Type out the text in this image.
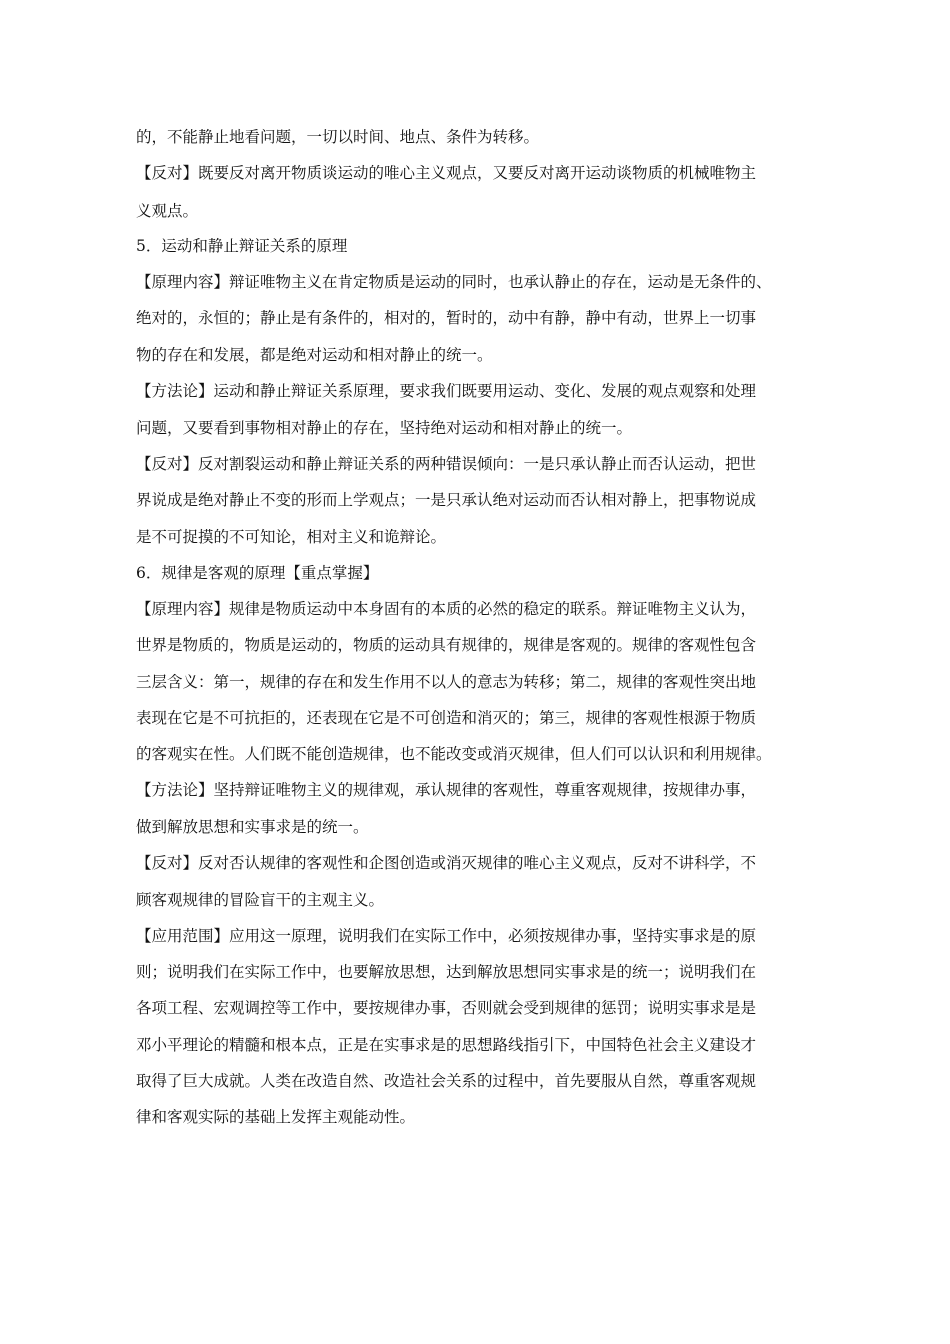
的，不能静止地看问题，一切以时间、地点、条件为转移。
【反对】既要反对离开物质谈运动的唯心主义观点，又要反对离开运动谈物质的机械唯物主
义观点。
5．运动和静止辩证关系的原理
【原理内容】辩证唯物主义在肯定物质是运动的同时，也承认静止的存在，运动是无条件的、
绝对的，永恒的；静止是有条件的，相对的，暂时的，动中有静，静中有动，世界上一切事
物的存在和发展，都是绝对运动和相对静止的统一。
【方法论】运动和静止辩证关系原理，要求我们既要用运动、变化、发展的观点观察和处理
问题，又要看到事物相对静止的存在，坚持绝对运动和相对静止的统一。
【反对】反对割裂运动和静止辩证关系的两种错误倾向：一是只承认静止而否认运动，把世
界说成是绝对静止不变的形而上学观点；一是只承认绝对运动而否认相对静上，把事物说成
是不可捉摸的不可知论，相对主义和诡辩论。
6．规律是客观的原理【重点掌握】
【原理内容】规律是物质运动中本身固有的本质的必然的稳定的联系。辩证唯物主义认为，
世界是物质的，物质是运动的，物质的运动具有规律的，规律是客观的。规律的客观性包含
三层含义：第一，规律的存在和发生作用不以人的意志为转移；第二，规律的客观性突出地
表现在它是不可抗拒的，还表现在它是不可创造和消灭的；第三，规律的客观性根源于物质
的客观实在性。人们既不能创造规律，也不能改变或消灭规律，但人们可以认识和利用规律。
【方法论】坚持辩证唯物主义的规律观，承认规律的客观性，尊重客观规律，按规律办事，
做到解放思想和实事求是的统一。
【反对】反对否认规律的客观性和企图创造或消灭规律的唯心主义观点，反对不讲科学，不
顾客观规律的冒险盲干的主观主义。
【应用范围】应用这一原理，说明我们在实际工作中，必须按规律办事，坚持实事求是的原
则；说明我们在实际工作中，也要解放思想，达到解放思想同实事求是的统一；说明我们在
各项工程、宏观调控等工作中，要按规律办事，否则就会受到规律的惩罚；说明实事求是是
邓小平理论的精髓和根本点，正是在实事求是的思想路线指引下，中国特色社会主义建设才
取得了巨大成就。人类在改造自然、改造社会关系的过程中，首先要服从自然，尊重客观规
律和客观实际的基础上发挥主观能动性。
